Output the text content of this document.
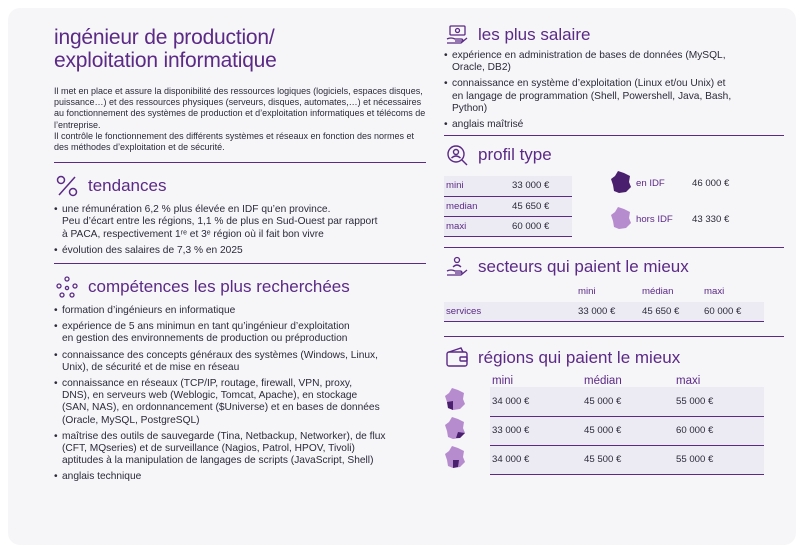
ingénieur de production/
exploitation informatique

Il met en place et assure la disponibilité des ressources logiques (logiciels, espaces disques, puissance…) et des ressources physiques (serveurs, disques, automates,…) et nécessaires au fonctionnement des systèmes de production et d’exploitation informatiques et télécoms de l’entreprise.

Il contrôle le fonctionnement des différents systèmes et réseaux en fonction des normes et des méthodes d’exploitation et de sécurité.

tendances
• une rémunération 6,2 % plus élevée en IDF qu’en province.
Peu d’écart entre les régions, 1,1 % de plus en Sud-Ouest par rapport
à PACA, respectivement 1ʳᵉ et 3ᵉ région où il fait bon vivre
• évolution des salaires de 7,3 % en 2025
compétences les plus recherchées
• formation d’ingénieurs en informatique
• expérience de 5 ans minimun en tant qu’ingénieur d’exploitation
en gestion des environnements de production ou préproduction
• connaissance des concepts généraux des systèmes (Windows, Linux,
Unix), de sécurité et de mise en réseau
• connaissance en réseaux (TCP/IP, routage, firewall, VPN, proxy,
DNS), en serveurs web (Weblogic, Tomcat, Apache), en stockage
(SAN, NAS), en ordonnancement ($Universe) et en bases de données
(Oracle, MySQL, PostgreSQL)
• maîtrise des outils de sauvegarde (Tina, Netbackup, Networker), de flux
(CFT, MQseries) et de surveillance (Nagios, Patrol, HPOV, Tivoli)
aptitudes à la manipulation de langages de scripts (JavaScript, Shell)
• anglais technique
les plus salaire
• expérience en administration de bases de données (MySQL,
Oracle, DB2)
• connaissance en système d’exploitation (Linux et/ou Unix) et
en langage de programmation (Shell, Powershell, Java, Bash,
Python)
• anglais maîtrisé
profil type
mini	33 000 €
median	45 650 €
maxi	60 000 €
	en IDF	46 000 €
	hors IDF	43 330 €
secteurs qui paient le mieux
	mini	médian	maxi
services	33 000 €	45 650 €	60 000 €
régions qui paient le mieux
	mini	médian	maxi
	34 000 €	45 000 €	55 000 €
	33 000 €	45 000 €	60 000 €
	34 000 €	45 500 €	55 000 €
